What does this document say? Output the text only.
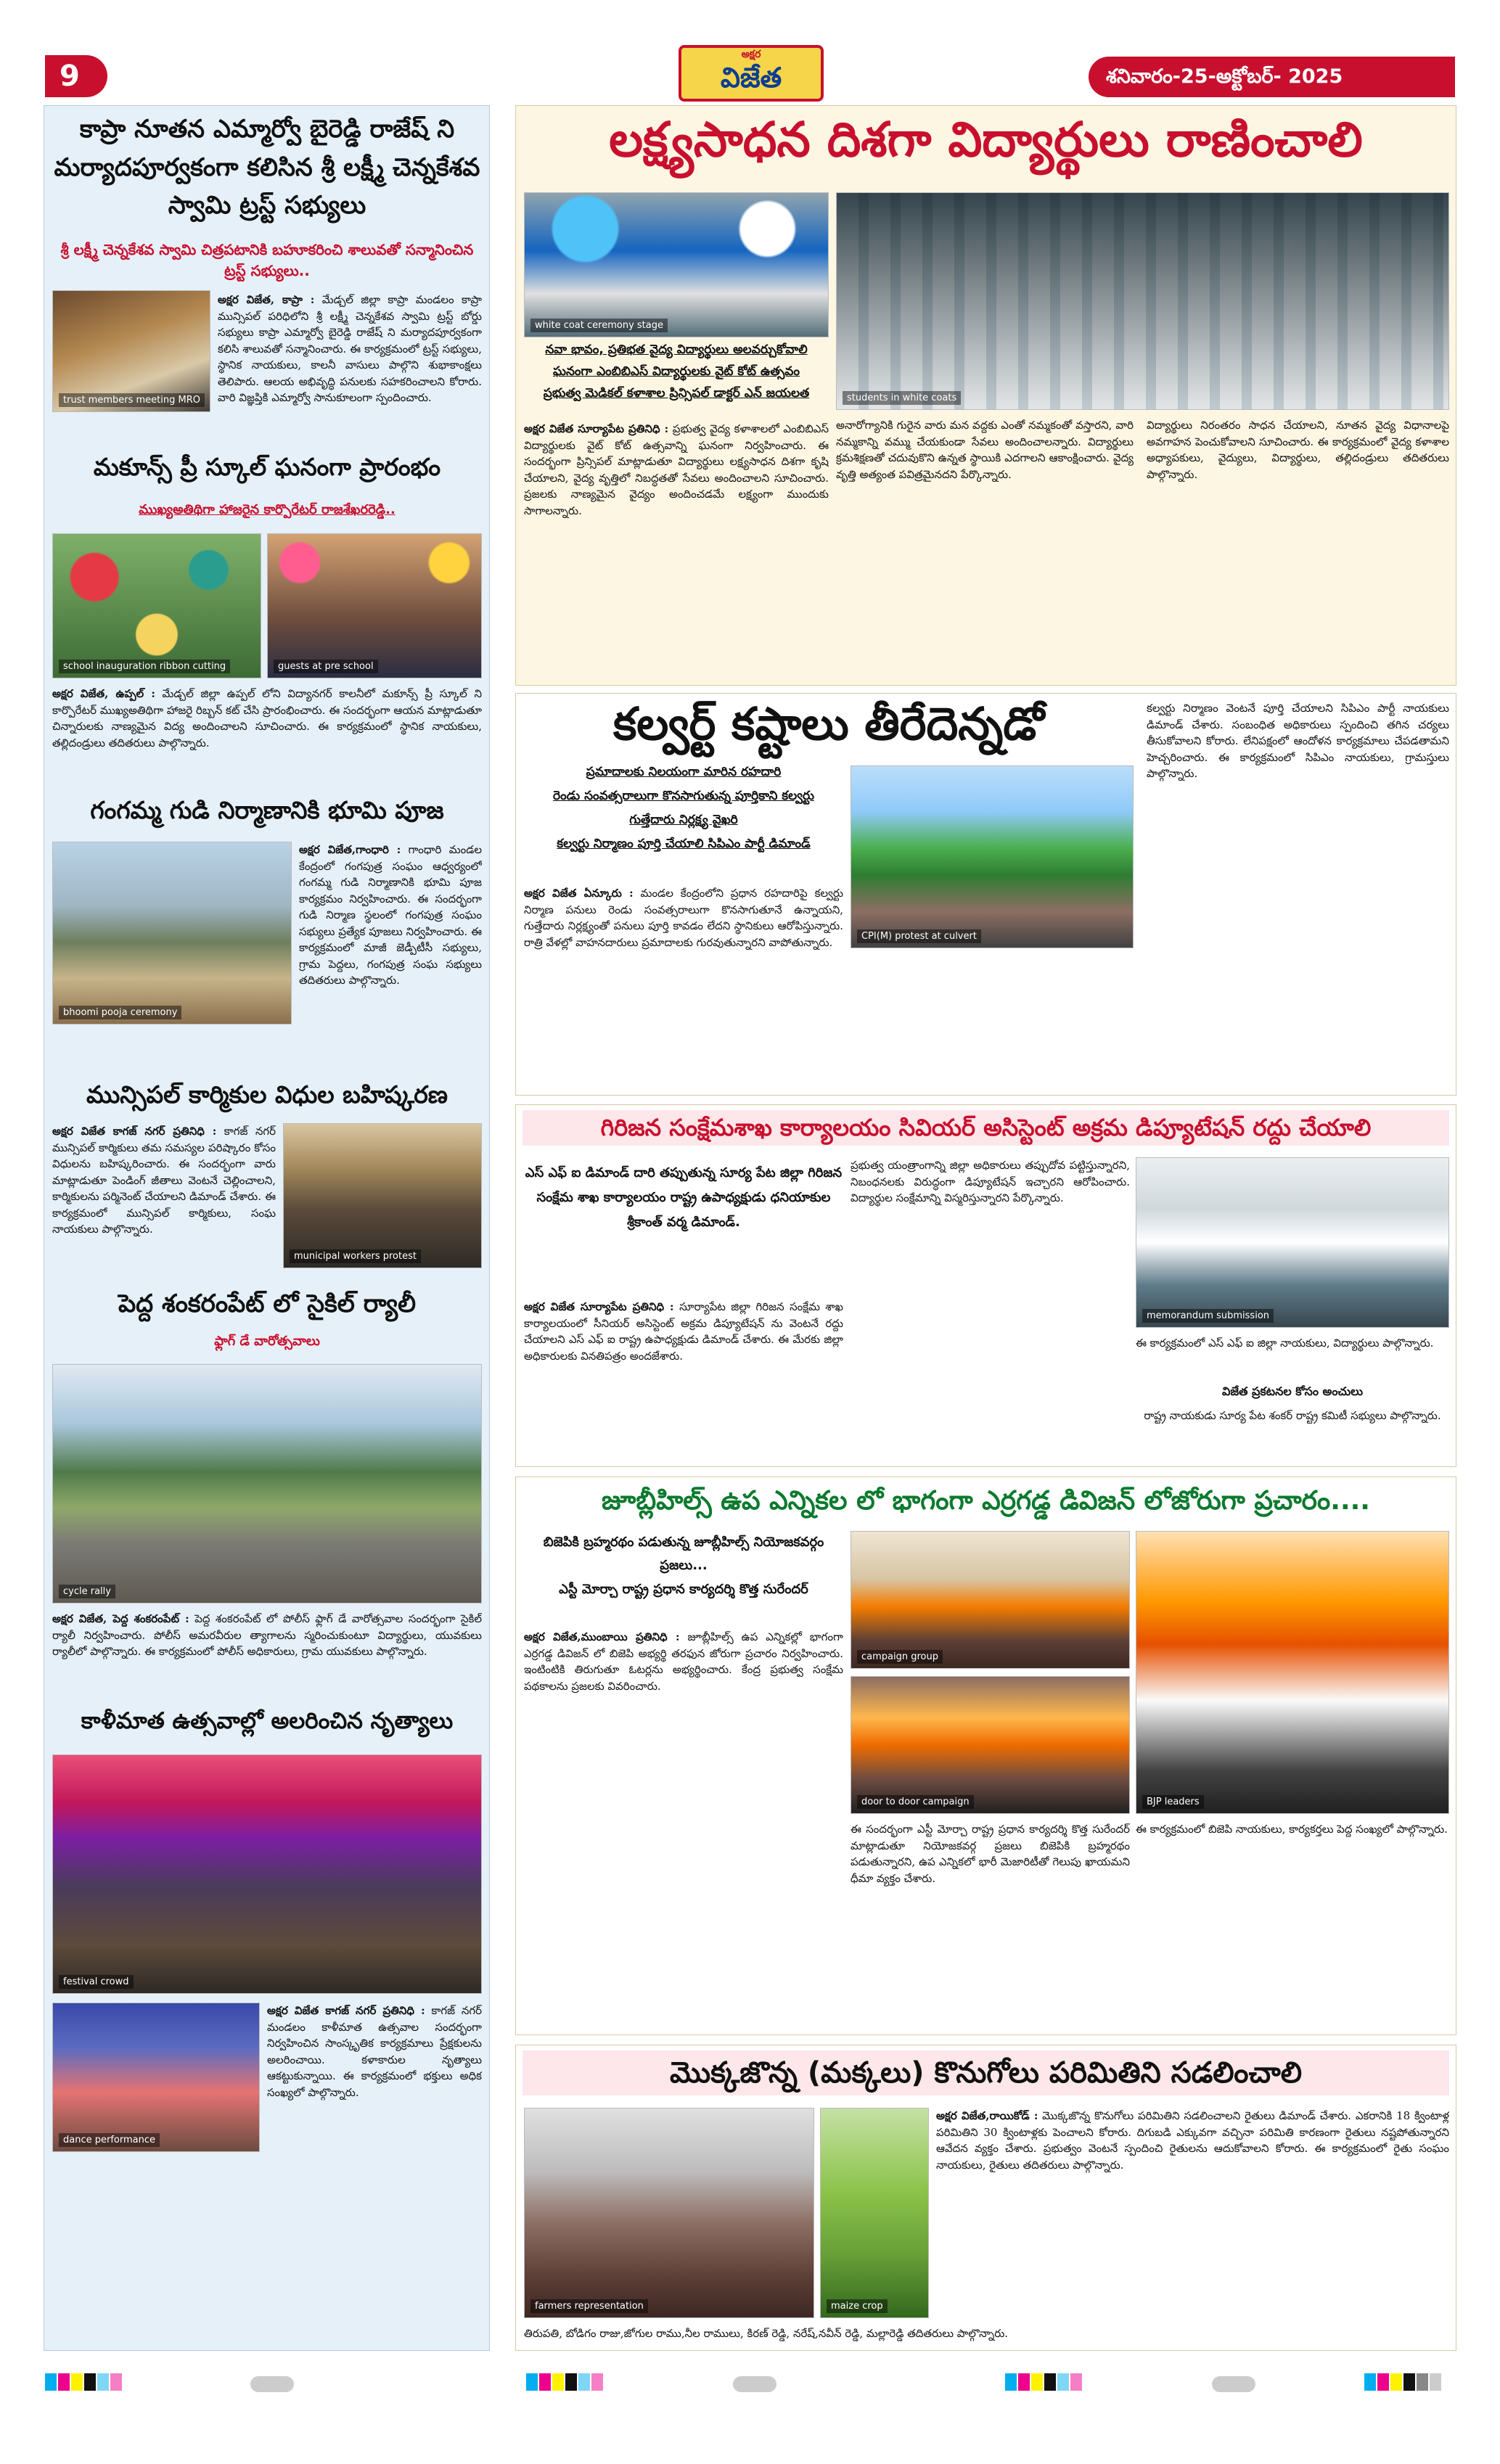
9
అక్షర
విజేత	శనివారం-25-అక్టోబర్- 2025
కాప్రా నూతన ఎమ్మార్వో బైరెడ్డి రాజేష్ ని మర్యాదపూర్వకంగా కలిసిన శ్రీ లక్ష్మీ చెన్నకేశవ స్వామి ట్రస్ట్ సభ్యులు
శ్రీ లక్ష్మీ చెన్నకేశవ స్వామి చిత్రపటానికి బహూకరించి శాలువతో సన్మానించిన ట్రస్ట్ సభ్యులు..
trust members meeting MRO
అక్షర విజేత, కాప్రా : మేడ్చల్ జిల్లా కాప్రా మండలం కాప్రా మున్సిపల్ పరిధిలోని శ్రీ లక్ష్మీ చెన్నకేశవ స్వామి ట్రస్ట్ బోర్డు సభ్యులు కాప్రా ఎమ్మార్వో బైరెడ్డి రాజేష్ ని మర్యాదపూర్వకంగా కలిసి శాలువతో సన్మానించారు. ఈ కార్యక్రమంలో ట్రస్ట్ సభ్యులు, స్థానిక నాయకులు, కాలనీ వాసులు పాల్గొని శుభాకాంక్షలు తెలిపారు. ఆలయ అభివృద్ధి పనులకు సహకరించాలని కోరారు. వారి విజ్ఞప్తికి ఎమ్మార్వో సానుకూలంగా స్పందించారు.
మకూన్స్ ప్రీ స్కూల్ ఘనంగా ప్రారంభం
ముఖ్యఅతిథిగా హాజరైన కార్పొరేటర్ రాజశేఖరరెడ్డి..
school inauguration ribbon cutting	guests at pre school
అక్షర విజేత, ఉప్పల్ : మేడ్చల్ జిల్లా ఉప్పల్ లోని విద్యానగర్ కాలనీలో మకూన్స్ ప్రీ స్కూల్ ని కార్పొరేటర్ ముఖ్యఅతిథిగా హాజరై రిబ్బన్ కట్ చేసి ప్రారంభించారు. ఈ సందర్భంగా ఆయన మాట్లాడుతూ చిన్నారులకు నాణ్యమైన విద్య అందించాలని సూచించారు. ఈ కార్యక్రమంలో స్థానిక నాయకులు, తల్లిదండ్రులు తదితరులు పాల్గొన్నారు.
గంగమ్మ గుడి నిర్మాణానికి భూమి పూజ
bhoomi pooja ceremony
అక్షర విజేత,గాంధారి : గాంధారి మండల కేంద్రంలో గంగపుత్ర సంఘం ఆధ్వర్యంలో గంగమ్మ గుడి నిర్మాణానికి భూమి పూజ కార్యక్రమం నిర్వహించారు. ఈ సందర్భంగా గుడి నిర్మాణ స్థలంలో గంగపుత్ర సంఘం సభ్యులు ప్రత్యేక పూజలు నిర్వహించారు. ఈ కార్యక్రమంలో మాజీ జెడ్పీటీసీ సభ్యులు, గ్రామ పెద్దలు, గంగపుత్ర సంఘ సభ్యులు తదితరులు పాల్గొన్నారు.
మున్సిపల్ కార్మికుల విధుల బహిష్కరణ
municipal workers protest
అక్షర విజేత కాగజ్ నగర్ ప్రతినిధి : కాగజ్ నగర్ మున్సిపల్ కార్మికులు తమ సమస్యల పరిష్కారం కోసం విధులను బహిష్కరించారు. ఈ సందర్భంగా వారు మాట్లాడుతూ పెండింగ్ జీతాలు వెంటనే చెల్లించాలని, కార్మికులను పర్మినెంట్ చేయాలని డిమాండ్ చేశారు. ఈ కార్యక్రమంలో మున్సిపల్ కార్మికులు, సంఘ నాయకులు పాల్గొన్నారు.
పెద్ద శంకరంపేట్ లో సైకిల్ ర్యాలీ
ఫ్లాగ్ డే వారోత్సవాలు
cycle rally
అక్షర విజేత, పెద్ద శంకరంపేట్ : పెద్ద శంకరంపేట్ లో పోలీస్ ఫ్లాగ్ డే వారోత్సవాల సందర్భంగా సైకిల్ ర్యాలీ నిర్వహించారు. పోలీస్ అమరవీరుల త్యాగాలను స్మరించుకుంటూ విద్యార్థులు, యువకులు ర్యాలీలో పాల్గొన్నారు. ఈ కార్యక్రమంలో పోలీస్ అధికారులు, గ్రామ యువకులు పాల్గొన్నారు.
కాళీమాత ఉత్సవాల్లో అలరించిన నృత్యాలు
festival crowd
dance performance
అక్షర విజేత కాగజ్ నగర్ ప్రతినిధి : కాగజ్ నగర్ మండలం కాళీమాత ఉత్సవాల సందర్భంగా నిర్వహించిన సాంస్కృతిక కార్యక్రమాలు ప్రేక్షకులను అలరించాయి. కళాకారుల నృత్యాలు ఆకట్టుకున్నాయి. ఈ కార్యక్రమంలో భక్తులు అధిక సంఖ్యలో పాల్గొన్నారు.
లక్ష్యసాధన దిశగా విద్యార్థులు రాణించాలి
white coat ceremony stage
students in white coats
నవా భావం, ప్రతిభత వైద్య విద్యార్థులు అలవర్చుకోవాలి
ఘనంగా ఎంబిబిఎస్ విద్యార్థులకు వైట్ కోట్ ఉత్సవం
ప్రభుత్వ మెడికల్ కళాశాల ప్రిన్సిపల్ డాక్టర్ ఎన్ జయలత
అక్షర విజేత సూర్యాపేట ప్రతినిధి : ప్రభుత్వ వైద్య కళాశాలలో ఎంబిబిఎస్ విద్యార్థులకు వైట్ కోట్ ఉత్సవాన్ని ఘనంగా నిర్వహించారు. ఈ సందర్భంగా ప్రిన్సిపల్ మాట్లాడుతూ విద్యార్థులు లక్ష్యసాధన దిశగా కృషి చేయాలని, వైద్య వృత్తిలో నిబద్ధతతో సేవలు అందించాలని సూచించారు. ప్రజలకు నాణ్యమైన వైద్యం అందించడమే లక్ష్యంగా ముందుకు సాగాలన్నారు.
అనారోగ్యానికి గురైన వారు మన వద్దకు ఎంతో నమ్మకంతో వస్తారని, వారి నమ్మకాన్ని వమ్ము చేయకుండా సేవలు అందించాలన్నారు. విద్యార్థులు క్రమశిక్షణతో చదువుకొని ఉన్నత స్థాయికి ఎదగాలని ఆకాంక్షించారు. వైద్య వృత్తి అత్యంత పవిత్రమైనదని పేర్కొన్నారు.
విద్యార్థులు నిరంతరం సాధన చేయాలని, నూతన వైద్య విధానాలపై అవగాహన పెంచుకోవాలని సూచించారు. ఈ కార్యక్రమంలో వైద్య కళాశాల అధ్యాపకులు, వైద్యులు, విద్యార్థులు, తల్లిదండ్రులు తదితరులు పాల్గొన్నారు.
కల్వర్ట్ కష్టాలు తీరేదెన్నడో
ప్రమాదాలకు నిలయంగా మారిన రహదారి
రెండు సంవత్సరాలుగా కొనసాగుతున్న పూర్తికాని కల్వర్టు
గుత్తేదారు నిర్లక్ష్య వైఖరి
కల్వర్టు నిర్మాణం పూర్తి చేయాలి సిపిఎం పార్టీ డిమాండ్
CPI(M) protest at culvert
అక్షర విజేత ఏన్కూరు : మండల కేంద్రంలోని ప్రధాన రహదారిపై కల్వర్టు నిర్మాణ పనులు రెండు సంవత్సరాలుగా కొనసాగుతూనే ఉన్నాయని, గుత్తేదారు నిర్లక్ష్యంతో పనులు పూర్తి కావడం లేదని స్థానికులు ఆరోపిస్తున్నారు. రాత్రి వేళల్లో వాహనదారులు ప్రమాదాలకు గురవుతున్నారని వాపోతున్నారు.
కల్వర్టు నిర్మాణం వెంటనే పూర్తి చేయాలని సిపిఎం పార్టీ నాయకులు డిమాండ్ చేశారు. సంబంధిత అధికారులు స్పందించి తగిన చర్యలు తీసుకోవాలని కోరారు. లేనిపక్షంలో ఆందోళన కార్యక్రమాలు చేపడతామని హెచ్చరించారు. ఈ కార్యక్రమంలో సిపిఎం నాయకులు, గ్రామస్తులు పాల్గొన్నారు.
గిరిజన సంక్షేమశాఖ కార్యాలయం సివియర్ అసిస్టెంట్ అక్రమ డిప్యూటేషన్ రద్దు చేయాలి
ఎస్ ఎఫ్ ఐ డిమాండ్ దారి తప్పుతున్న సూర్య పేట జిల్లా గిరిజన సంక్షేమ శాఖ కార్యాలయం రాష్ట్ర ఉపాధ్యక్షుడు ధనియాకుల శ్రీకాంత్ వర్మ డిమాండ్.
memorandum submission
అక్షర విజేత సూర్యాపేట ప్రతినిధి : సూర్యాపేట జిల్లా గిరిజన సంక్షేమ శాఖ కార్యాలయంలో సీనియర్ అసిస్టెంట్ అక్రమ డిప్యూటేషన్ ను వెంటనే రద్దు చేయాలని ఎస్ ఎఫ్ ఐ రాష్ట్ర ఉపాధ్యక్షుడు డిమాండ్ చేశారు. ఈ మేరకు జిల్లా అధికారులకు వినతిపత్రం అందజేశారు.
ప్రభుత్వ యంత్రాంగాన్ని జిల్లా అధికారులు తప్పుదోవ పట్టిస్తున్నారని, నిబంధనలకు విరుద్ధంగా డిప్యూటేషన్ ఇచ్చారని ఆరోపించారు. విద్యార్థుల సంక్షేమాన్ని విస్మరిస్తున్నారని పేర్కొన్నారు.
ఈ కార్యక్రమంలో ఎస్ ఎఫ్ ఐ జిల్లా నాయకులు, విద్యార్థులు పాల్గొన్నారు.
విజేత ప్రకటనల కోసం అంచులు
రాష్ట్ర నాయకుడు సూర్య పేట శంకర్ రాష్ట్ర కమిటీ సభ్యులు పాల్గొన్నారు.
జూబ్లీహిల్స్ ఉప ఎన్నికల లో భాగంగా ఎర్రగడ్డ డివిజన్ లోజోరుగా ప్రచారం....
బిజెపికి బ్రహ్మరథం పడుతున్న జూబ్లీహిల్స్ నియోజకవర్గం ప్రజలు...
ఎస్టీ మోర్చా రాష్ట్ర ప్రధాన కార్యదర్శి కొత్త సురేందర్
campaign group
door to door campaign	BJP leaders
అక్షర విజేత,ముంబాయి ప్రతినిధి : జూబ్లీహిల్స్ ఉప ఎన్నికల్లో భాగంగా ఎర్రగడ్డ డివిజన్ లో బిజెపి అభ్యర్థి తరఫున జోరుగా ప్రచారం నిర్వహించారు. ఇంటింటికి తిరుగుతూ ఓటర్లను అభ్యర్థించారు. కేంద్ర ప్రభుత్వ సంక్షేమ పథకాలను ప్రజలకు వివరించారు.
ఈ సందర్భంగా ఎస్టీ మోర్చా రాష్ట్ర ప్రధాన కార్యదర్శి కొత్త సురేందర్ మాట్లాడుతూ నియోజకవర్గ ప్రజలు బిజెపికి బ్రహ్మరథం పడుతున్నారని, ఉప ఎన్నికలో భారీ మెజారిటీతో గెలుపు ఖాయమని ధీమా వ్యక్తం చేశారు.
ఈ కార్యక్రమంలో బిజెపి నాయకులు, కార్యకర్తలు పెద్ద సంఖ్యలో పాల్గొన్నారు.
మొక్కజొన్న (మక్కలు) కొనుగోలు పరిమితిని సడలించాలి
farmers representation	maize crop
అక్షర విజేత,రాయికోడ్ : మొక్కజొన్న కొనుగోలు పరిమితిని సడలించాలని రైతులు డిమాండ్ చేశారు. ఎకరానికి 18 క్వింటాళ్ల పరిమితిని 30 క్వింటాళ్లకు పెంచాలని కోరారు. దిగుబడి ఎక్కువగా వచ్చినా పరిమితి కారణంగా రైతులు నష్టపోతున్నారని ఆవేదన వ్యక్తం చేశారు. ప్రభుత్వం వెంటనే స్పందించి రైతులను ఆదుకోవాలని కోరారు. ఈ కార్యక్రమంలో రైతు సంఘం నాయకులు, రైతులు తదితరులు పాల్గొన్నారు.
తిరుపతి, బోడిగం రాజు,జోగుల రాము,నీల రాములు, కిరణ్ రెడ్డి, నరేష్,నవీన్ రెడ్డి, మల్లారెడ్డి తదితరులు పాల్గొన్నారు.
